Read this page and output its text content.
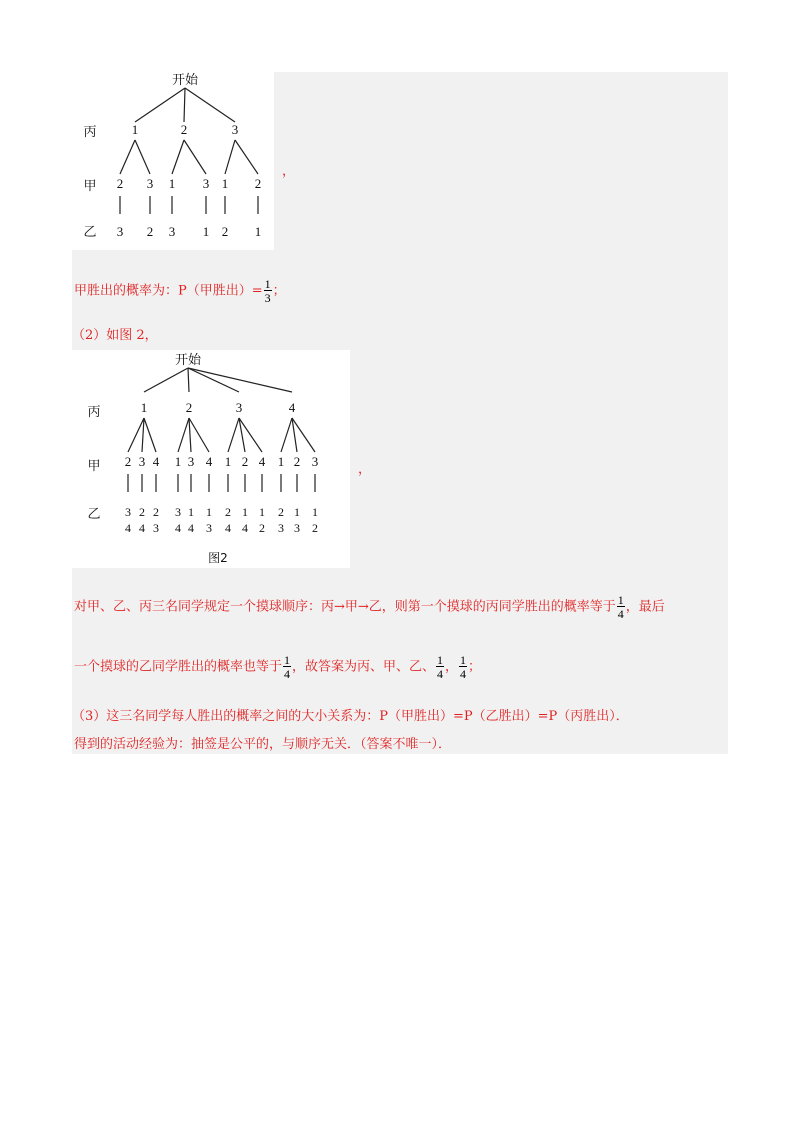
开始
丙
甲
乙
1	2	3
2
3
3
2
1
3
3
1
1
2
2
1
，
甲胜出的概率为：P（甲胜出）= $\frac{1}{3}$ ；
（2）如图 2，
开始
丙
甲
乙
1	2	3	4
2
3
4
3
2
4
4
2
3
1
3
4
3
1
4
4
1
3
1
2
4
2
1
4
4
1
2
1
2
3
2
1
3
3
1
2
图2
，
对甲、乙、丙三名同学规定一个摸球顺序：丙→甲→乙，则第一个摸球的丙同学胜出的概率等于 $\frac{1}{4}$ ，最后
一个摸球的乙同学胜出的概率也等于 $\frac{1}{4}$ ，故答案为丙、甲、乙、 $\frac{1}{4}$ ， $\frac{1}{4}$ ；
（3）这三名同学每人胜出的概率之间的大小关系为：P（甲胜出）=P（乙胜出）=P（丙胜出）．
得到的活动经验为：抽签是公平的，与顺序无关．（答案不唯一）．
